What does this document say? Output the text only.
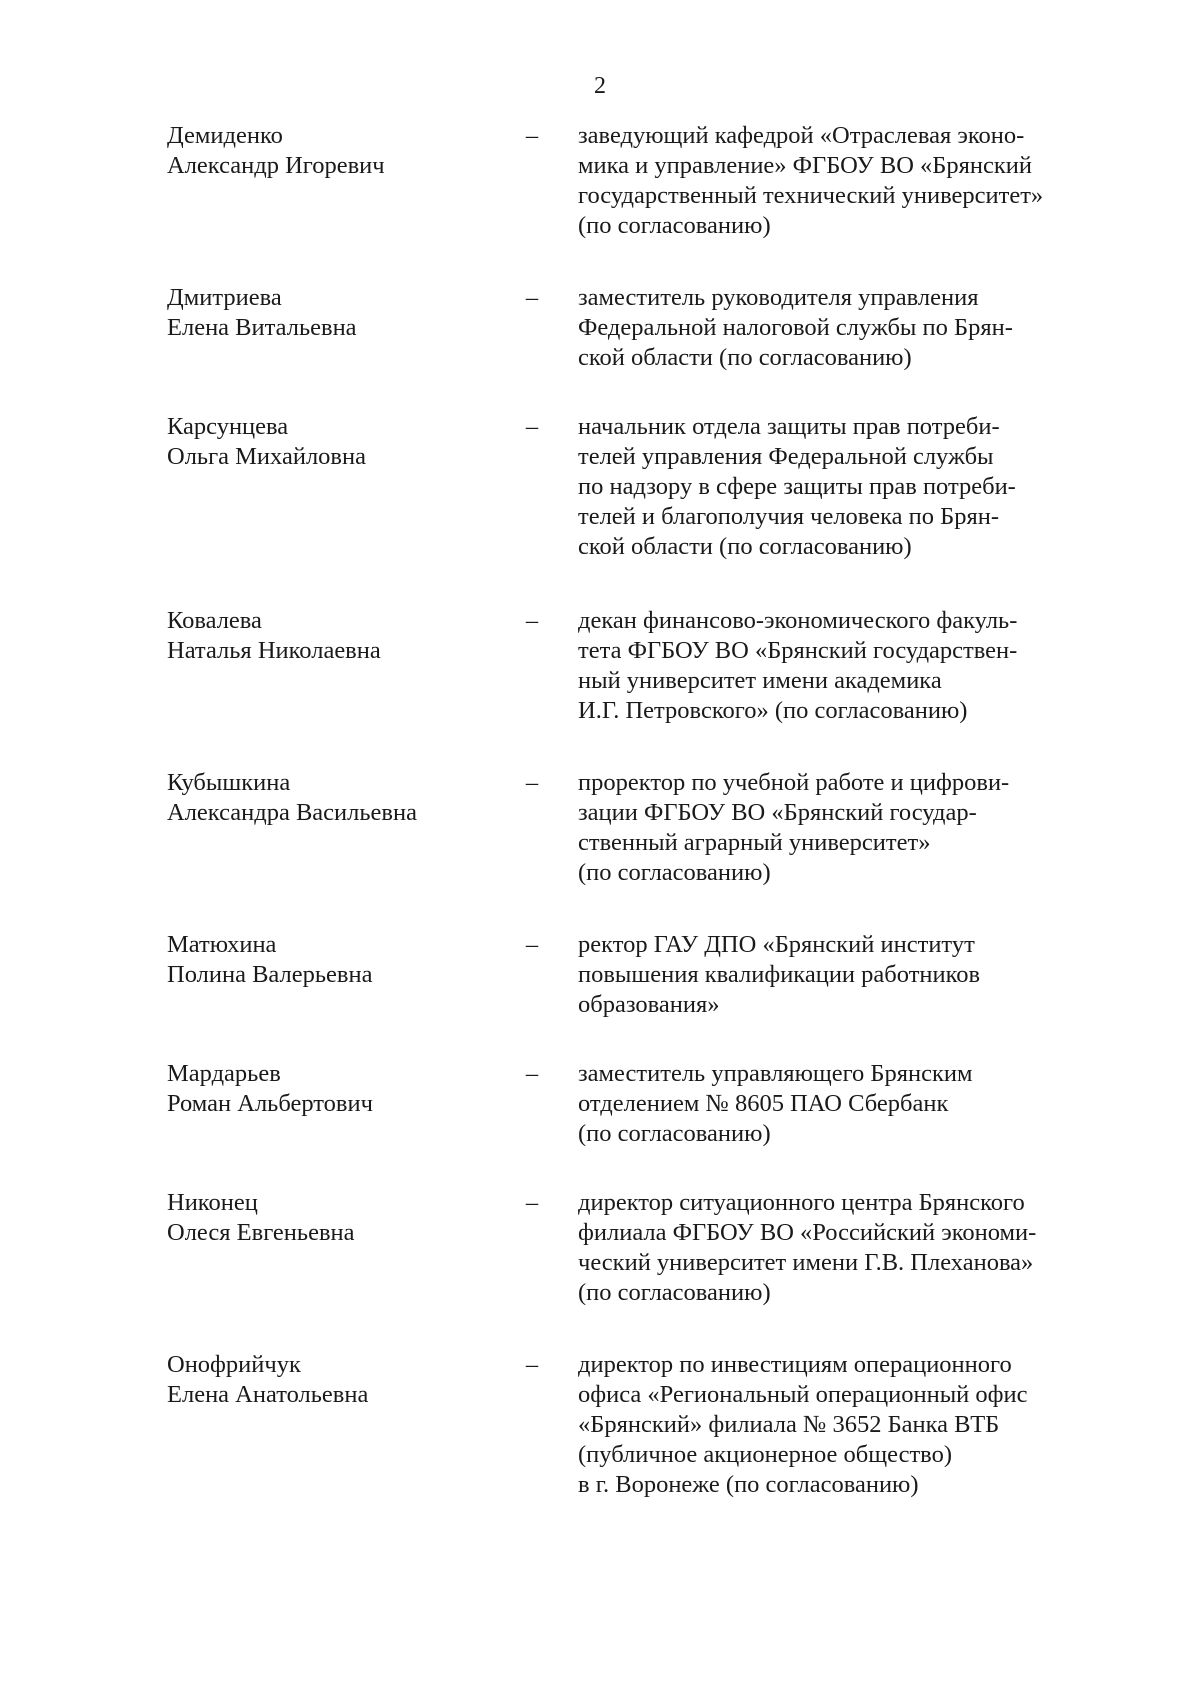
2
Демиденко
Александр Игоревич
– заведующий кафедрой «Отраслевая эконо-
мика и управление» ФГБОУ ВО «Брянский
государственный технический университет»
(по согласованию)
Дмитриева
Елена Витальевна
– заместитель руководителя управления
Федеральной налоговой службы по Брян-
ской области (по согласованию)
Карсунцева
Ольга Михайловна
– начальник отдела защиты прав потреби-
телей управления Федеральной службы
по надзору в сфере защиты прав потреби-
телей и благополучия человека по Брян-
ской области (по согласованию)
Ковалева
Наталья Николаевна
– декан финансово-экономического факуль-
тета ФГБОУ ВО «Брянский государствен-
ный университет имени академика
И.Г. Петровского» (по согласованию)
Кубышкина
Александра Васильевна
– проректор по учебной работе и цифрови-
зации ФГБОУ ВО «Брянский государ-
ственный аграрный университет»
(по согласованию)
Матюхина
Полина Валерьевна
– ректор ГАУ ДПО «Брянский институт
повышения квалификации работников
образования»
Мардарьев
Роман Альбертович
– заместитель управляющего Брянским
отделением № 8605 ПАО Сбербанк
(по согласованию)
Никонец
Олеся Евгеньевна
– директор ситуационного центра Брянского
филиала ФГБОУ ВО «Российский экономи-
ческий университет имени Г.В. Плеханова»
(по согласованию)
Онофрийчук
Елена Анатольевна
– директор по инвестициям операционного
офиса «Региональный операционный офис
«Брянский» филиала № 3652 Банка ВТБ
(публичное акционерное общество)
в г. Воронеже (по согласованию)
